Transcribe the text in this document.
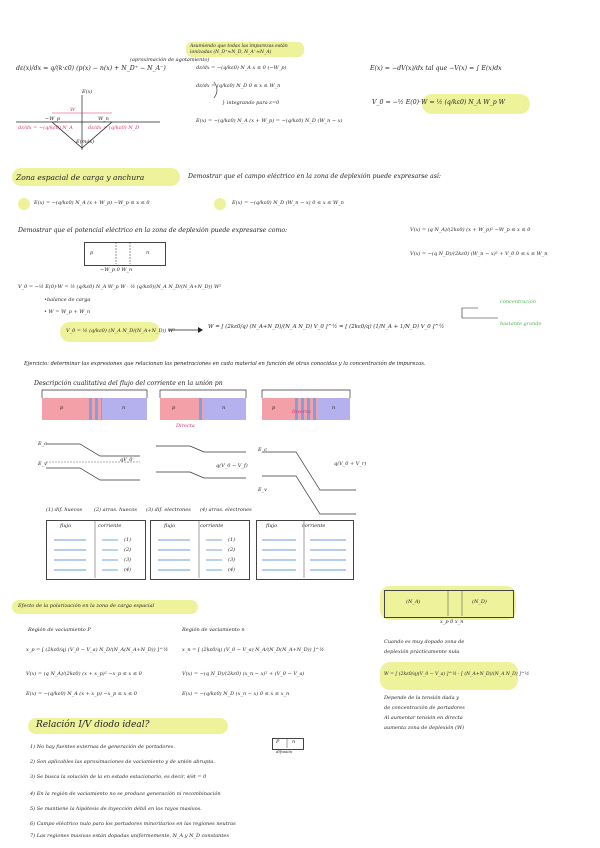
dε(x)/dx = q/(k·ε0) (p(x) − n(x) + N_D⁺ − N_A⁻)
(aproximación de agotamiento)
E(x)
−W_p	W_n
W
dε/dx = −(q/kε0) N_A	dε/dx = (q/kε0) N_D
E(máx)
Asumiendo que todas las impurezas están ionizadas (N_D⁺≈N_D, N_A⁻≈N_A)
dε/dx = −(q/kε0) N_A x ≤ 0 (−W_p)
dε/dx = (q/kε0) N_D 0 ≤ x ≤ W_n
} integrando para ε=0
E(x) = −(q/kε0) N_A (x + W_p) = −(q/kε0) N_D (W_n − x)
E(x) = −dV(x)/dx tal que −V(x) = ∫ E(x)dx
V_0 = −½ E(0)·W = ½ (q/kε0) N_A W_p W
Zona espacial de carga y anchura	Demostrar que el campo eléctrico en la zona de deplexión puede expresarse así:
E(x) = −(q/kε0) N_A (x + W_p) −W_p ≤ x ≤ 0	E(x) = −(q/kε0) N_D (W_n − x) 0 ≤ x ≤ W_n
Demostrar que el potencial eléctrico en la zona de deplexión puede expresarse como:	V(x) = (q N_A)/(2kε0) (x + W_p)² −W_p ≤ x ≤ 0
V(x) = −(q N_D)/(2kε0) (W_n − x)² + V_0 0 ≤ x ≤ W_n
p	n
−W_p 0 W_n
V_0 = −½ E(0)·W = ½ (q/kε0) N_A W_p W · ½ (q/kε0)(N_A N_D/(N_A+N_D)) W²
•balance de carga
• W = W_p + W_n
V_0 = ½ (q/kε0) (N_A N_D/(N_A+N_D)) W²
W = [ (2kε0/q) (N_A+N_D)/(N_A N_D) V_0 ]^½ = [ (2kε0/q) (1/N_A + 1/N_D) V_0 ]^½
concentración
bastante grande
Ejercicio: determinar las expresiones que relacionan las penetraciones en cada material en función de otras conocidas y la concentración de impurezas.
Descripción cualitativa del flujo del corriente en la unión pn
p	n	p	n	p	n
Directa
Inversa
qV_0
q(V_0 − V_f)	q(V_0 + V_r)
E_c
E_v
E_c
E_v
(1) dif. huecos (2) arras. huecos (3) dif. electrones (4) arras. electrones
flujo	corriente	flujo	corriente	flujo	corriente
(1)
(2)
(3)
(4)
(1)
(2)
(3)
(4)
Efecto de la polarización en la zona de carga espacial
(N_A)	(N_D)
x_p 0 x_n
Región de vaciamiento P	Región de vaciamiento n
x_p = [ (2kε0/q) (V_0 − V_a) N_D/(N_A(N_A+N_D)) ]^½	x_n = [ (2kε0/q) (V_0 − V_a) N_A/(N_D(N_A+N_D)) ]^½
V(x) = (q N_A)/(2kε0) (x + x_p)² −x_p ≤ x ≤ 0	V(x) = −(q N_D)/(2kε0) (x_n − x)² + (V_0 − V_a)
E(x) = −(q/kε0) N_A (x + x_p) −x_p ≤ x ≤ 0	E(x) = −(q/kε0) N_D (x_n − x) 0 ≤ x ≤ x_n
Cuando es muy dopado zona de
deplexión prácticamente nula
W = [ (2kε0/q)(V_0 − V_a) ]^½ · [ (N_A+N_D)/(N_A N_D) ]^½
Depende de la tensión dada y
de concentración de portadores
Al aumentar tensión en directa
aumenta zona de deplexión (W)
Relación I/V diodo ideal?
P	n
difusión
1) No hay fuentes externas de generación de portadores.
2) Son aplicables las aproximaciones de vaciamiento y de unión abrupta.
3) Se busca la solución de la en estado estacionario, es decir, ∂/∂t = 0
4) En la región de vaciamiento no se produce generación ni recombinación
5) Se mantiene la hipótesis de inyección débil en los rayos masivos.
6) Campo eléctrico nulo para los portadores minoritarios en las regiones neutras
7) Las regiones masivas están dopadas uniformemente, N_A y N_D constantes
